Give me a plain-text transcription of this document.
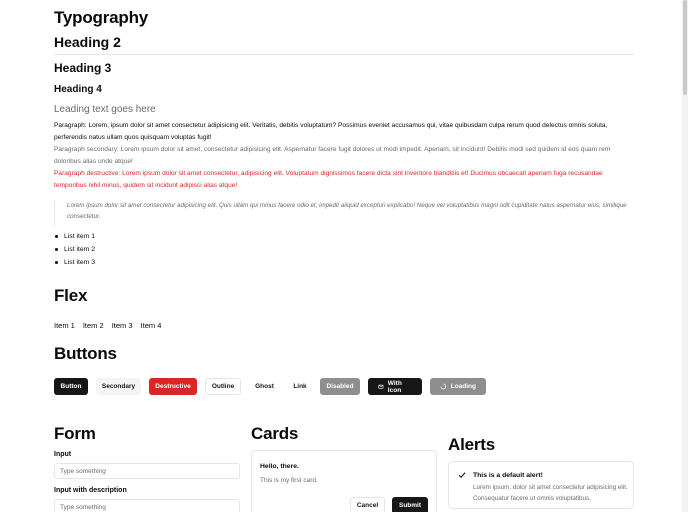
Typography
Heading 2
Heading 3
Heading 4
Leading text goes here

Paragraph: Lorem, ipsum dolor sit amet consectetur adipisicing elit. Veritatis, debitis voluptatum? Possimus eveniet accusamus qui, vitae quibusdam culpa rerum quod delectus omnis soluta, perferendis natus ullam quos quisquam voluptas fugit!

Paragraph secondary: Lorem ipsum dolor sit amet, consectetur adipisicing elit. Aspernatur facere fugit dolores ut modi impedit. Aperiam, sit incidunt! Debitis modi sed quidem id eos quam rem doloribus alias unde atque!

Paragraph destructive: Lorem ipsum dolor sit amet consectetur, adipisicing elit. Voluptatum dignissimos facere dicta sint inventore blanditiis et! Ducimus obcaecati aperiam fuga recusandae temporibus nihil minus, quidem sit incidunt adipisci alias atque!

Lorem ipsum dolor sit amet consectetur adipisicing elit. Quis ullam qui minus facere odio et, impedit aliquid excepturi explicabo! Neque vel voluptatibus magni odit cupiditate natus aspernatur eius, similique consectetur.
List item 1
List item 2
List item 3
Flex
Item 1 Item 2 Item 3 Item 4
Buttons
Button	Secondary	Destructive	Outline	Ghost	Link	Disabled	With Icon	Loading
Form
Input
Type something
Input with description
Type something
Cards
Hello, there.
This is my first card.
Cancel	Submit
Alerts
This is a default alert!
Lorem ipsum, dolor sit amet consectetur adipisicing elit. Consequatur facere ut omnis voluptatibus.
